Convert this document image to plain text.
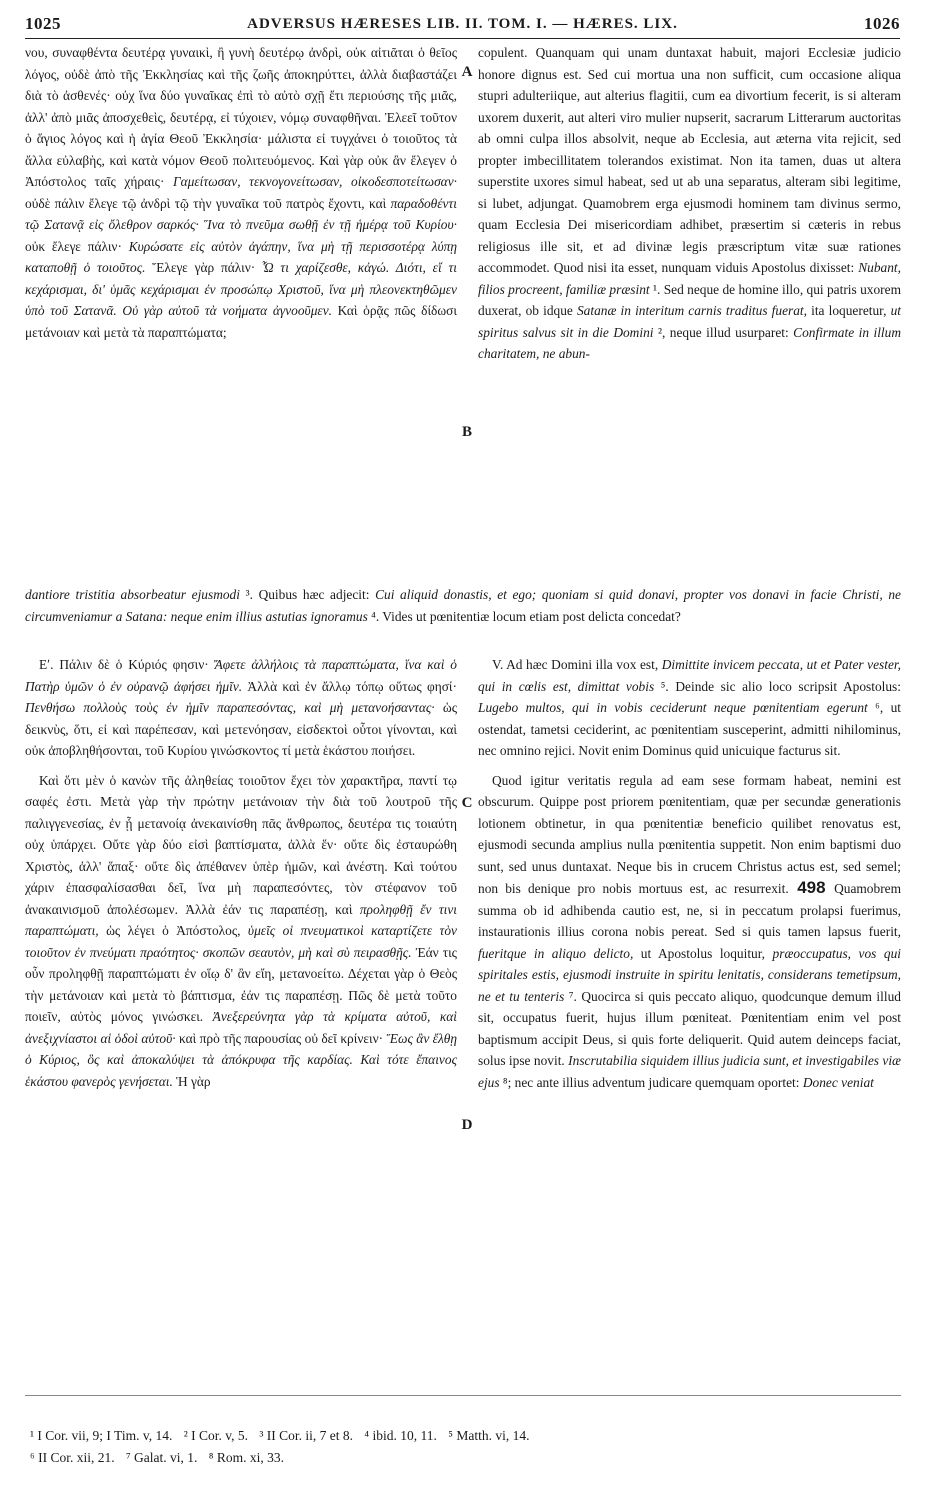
1025	ADVERSUS HÆRESES LIB. II. TOM. I. — HÆRES. LIX.	1026

νου, συναφθέντα δευτέρᾳ γυναικὶ, ἢ γυνὴ δευτέρῳ ἀνδρὶ, οὐκ αἰτιᾶται ὁ θεῖος λόγος, οὐδὲ ἀπὸ τῆς Ἐκκλησίας καὶ τῆς ζωῆς ἀποκηρύττει, ἀλλὰ διαβαστάζει διὰ τὸ ἀσθενές· οὐχ ἵνα δύο γυναῖκας ἐπὶ τὸ αὐτὸ σχῇ ἔτι περιούσης τῆς μιᾶς, ἀλλ' ἀπὸ μιᾶς ἀποσχεθεὶς, δευτέρᾳ, εἰ τύχοιεν, νόμῳ συναφθῆναι. Ἐλεεῖ τοῦτον ὁ ἅγιος λόγος καὶ ἡ ἁγία Θεοῦ Ἐκκλησία· μάλιστα εἰ τυγχάνει ὁ τοιοῦτος τὰ ἄλλα εὐλαβὴς, καὶ κατὰ νόμον Θεοῦ πολιτευόμενος. Καὶ γὰρ οὐκ ἂν ἔλεγεν ὁ Ἀπόστολος ταῖς χήραις· Γαμείτωσαν, τεκνογονείτωσαν, οἰκοδεσποτείτωσαν· οὐδὲ πάλιν ἔλεγε τῷ ἀνδρὶ τῷ τὴν γυναῖκα τοῦ πατρὸς ἔχοντι, καὶ παραδοθέντι τῷ Σατανᾷ εἰς ὄλεθρον σαρκός· Ἵνα τὸ πνεῦμα σωθῇ ἐν τῇ ἡμέρᾳ τοῦ Κυρίου· οὐκ ἔλεγε πάλιν· Κυρώσατε εἰς αὐτὸν ἀγάπην, ἵνα μὴ τῇ περισσοτέρᾳ λύπῃ καταποθῇ ὁ τοιοῦτος. Ἔλεγε γὰρ πάλιν· Ὧ τι χαρίζεσθε, κἀγώ. Διότι, εἴ τι κεχάρισμαι, δι' ὑμᾶς κεχάρισμαι ἐν προσώπῳ Χριστοῦ, ἵνα μὴ πλεονεκτηθῶμεν ὑπὸ τοῦ Σατανᾶ. Οὐ γὰρ αὐτοῦ τὰ νοήματα ἀγνοοῦμεν. Καὶ ὁρᾷς πῶς δίδωσι μετάνοιαν καὶ μετὰ τὰ παραπτώματα;

copulent. Quanquam qui unam duntaxat habuit, majori Ecclesiæ judicio honore dignus est. Sed cui mortua una non sufficit, cum occasione aliqua stupri adulteriique, aut alterius flagitii, cum ea divortium fecerit, is si alteram uxorem duxerit, aut alteri viro mulier nupserit, sacrarum Litterarum auctoritas ab omni culpa illos absolvit, neque ab Ecclesia, aut æterna vita rejicit, sed propter imbecillitatem tolerandos existimat. Non ita tamen, duas ut altera superstite uxores simul habeat, sed ut ab una separatus, alteram sibi legitime, si lubet, adjungat. Quamobrem erga ejusmodi hominem tam divinus sermo, quam Ecclesia Dei misericordiam adhibet, præsertim si cæteris in rebus religiosus ille sit, et ad divinæ legis præscriptum vitæ suæ rationes accommodet. Quod nisi ita esset, nunquam viduis Apostolus dixisset: Nubant, filios procreent, familiæ præsint ¹. Sed neque de homine illo, qui patris uxorem duxerat, ob idque Satanæ in interitum carnis traditus fuerat, ita loqueretur, ut spiritus salvus sit in die Domini ², neque illud usurparet: Confirmate in illum charitatem, ne abun-

dantiore tristitia absorbeatur ejusmodi ³. Quibus hæc adjecit: Cui aliquid donastis, et ego; quoniam si quid donavi, propter vos donavi in facie Christi, ne circumveniamur a Satana: neque enim illius astutias ignoramus ⁴. Vides ut pœnitentiæ locum etiam post delicta concedat?

Εʹ. Πάλιν δὲ ὁ Κύριός φησιν· Ἄφετε ἀλλήλοις τὰ παραπτώματα, ἵνα καὶ ὁ Πατὴρ ὑμῶν ὁ ἐν οὐρανῷ ἀφήσει ἡμῖν. Ἀλλὰ καὶ ἐν ἄλλῳ τόπῳ οὕτως φησί· Πενθήσω πολλοὺς τοὺς ἐν ἡμῖν παραπεσόντας, καὶ μὴ μετανοήσαντας· ὡς δεικνὺς, ὅτι, εἰ καὶ παρέπεσαν, καὶ μετενόησαν, εἰσδεκτοὶ οὗτοι γίνονται, καὶ οὐκ ἀποβληθήσονται, τοῦ Κυρίου γινώσκοντος τί μετὰ ἑκάστου ποιήσει.

Καὶ ὅτι μὲν ὁ κανὼν τῆς ἀληθείας τοιοῦτον ἔχει τὸν χαρακτῆρα, παντί τῳ σαφές ἐστι. Μετὰ γὰρ τὴν πρώτην μετάνοιαν τὴν διὰ τοῦ λουτροῦ τῆς παλιγγενεσίας, ἐν ᾗ μετανοίᾳ ἀνεκαινίσθη πᾶς ἄνθρωπος, δευτέρα τις τοιαύτη οὐχ ὑπάρχει. Οὔτε γὰρ δύο εἰσὶ βαπτίσματα, ἀλλὰ ἕν· οὔτε δὶς ἐσταυρώθη Χριστὸς, ἀλλ' ἅπαξ· οὔτε δὶς ἀπέθανεν ὑπὲρ ἡμῶν, καὶ ἀνέστη. Καὶ τούτου χάριν ἐπασφαλίσασθαι δεῖ, ἵνα μὴ παραπεσόντες, τὸν στέφανον τοῦ ἀνακαινισμοῦ ἀπολέσωμεν. Ἀλλὰ ἐάν τις παραπέσῃ, καὶ προληφθῇ ἔν τινι παραπτώματι, ὡς λέγει ὁ Ἀπόστολος, ὑμεῖς οἱ πνευματικοὶ καταρτίζετε τὸν τοιοῦτον ἐν πνεύματι πραότητος· σκοπῶν σεαυτὸν, μὴ καὶ σὺ πειρασθῇς. Ἐάν τις οὖν προληφθῇ παραπτώματι ἐν οἵῳ δ' ἂν εἴη, μετανοείτω. Δέχεται γὰρ ὁ Θεὸς τὴν μετάνοιαν καὶ μετὰ τὸ βάπτισμα, ἐάν τις παραπέσῃ. Πῶς δὲ μετὰ τοῦτο ποιεῖν, αὐτὸς μόνος γινώσκει. Ἀνεξερεύνητα γὰρ τὰ κρίματα αὐτοῦ, καὶ ἀνεξιχνίαστοι αἱ ὁδοὶ αὐτοῦ· καὶ πρὸ τῆς παρουσίας οὐ δεῖ κρίνειν· Ἕως ἂν ἔλθῃ ὁ Κύριος, ὃς καὶ ἀποκαλύψει τὰ ἀπόκρυφα τῆς καρδίας. Καὶ τότε ἔπαινος ἑκάστου φανερὸς γενήσεται. Ἡ γὰρ

V. Ad hæc Domini illa vox est, Dimittite invicem peccata, ut et Pater vester, qui in cœlis est, dimittat vobis ⁵. Deinde sic alio loco scripsit Apostolus: Lugebo multos, qui in vobis ceciderunt neque pœnitentiam egerunt ⁶, ut ostendat, tametsi ceciderint, ac pœnitentiam susceperint, admitti nihilominus, nec omnino rejici. Novit enim Dominus quid unicuique facturus sit.

Quod igitur veritatis regula ad eam sese formam habeat, nemini est obscurum. Quippe post priorem pœnitentiam, quæ per secundæ generationis lotionem obtinetur, in qua pœnitentiæ beneficio quilibet renovatus est, ejusmodi secunda amplius nulla pœnitentia suppetit. Non enim baptismi duo sunt, sed unus duntaxat. Neque bis in crucem Christus actus est, sed semel; non bis denique pro nobis mortuus est, ac resurrexit. 498 Quamobrem summa ob id adhibenda cautio est, ne, si in peccatum prolapsi fuerimus, instaurationis illius corona nobis pereat. Sed si quis tamen lapsus fuerit, fueritque in aliquo delicto, ut Apostolus loquitur, præoccupatus, vos qui spiritales estis, ejusmodi instruite in spiritu lenitatis, considerans temetipsum, ne et tu tenteris ⁷. Quocirca si quis peccato aliquo, quodcunque demum illud sit, occupatus fuerit, hujus illum pœniteat. Pœnitentiam enim vel post baptismum accipit Deus, si quis forte deliquerit. Quid autem deinceps faciat, solus ipse novit. Inscrutabilia siquidem illius judicia sunt, et investigabiles viæ ejus ⁸; nec ante illius adventum judicare quemquam oportet: Donec veniat

A
B
C
D
¹ I Cor. vii, 9; I Tim. v, 14. ² I Cor. v, 5. ³ II Cor. ii, 7 et 8. ⁴ ibid. 10, 11. ⁵ Matth. vi, 14.
⁶ II Cor. xii, 21. ⁷ Galat. vi, 1. ⁸ Rom. xi, 33.
